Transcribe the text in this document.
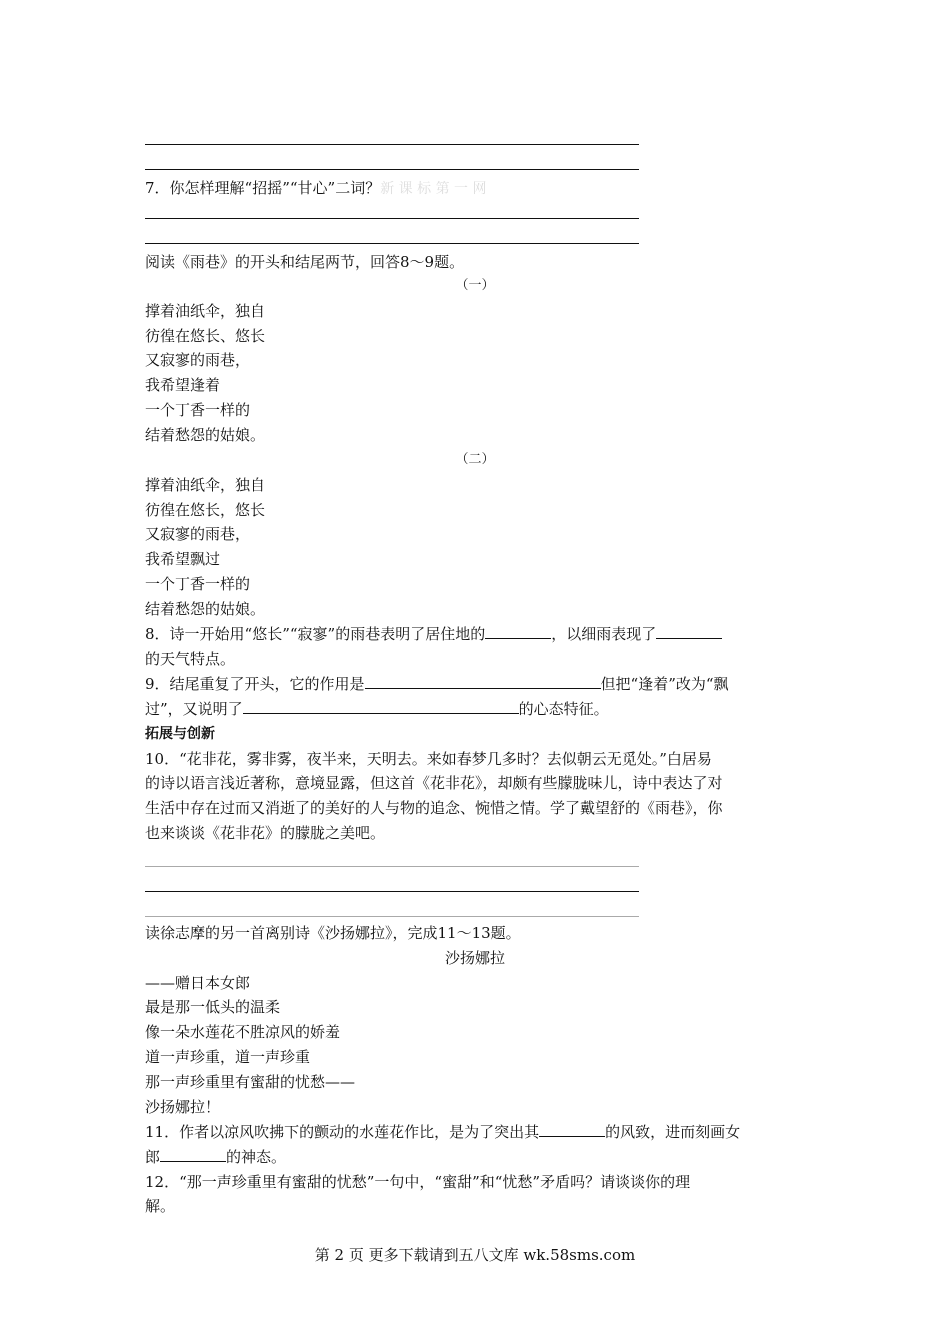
7．你怎样理解“招摇”“甘心”二词？新 课 标 第 一 网
阅读《雨巷》的开头和结尾两节，回答8～9题。
（一）
撑着油纸伞，独自
彷徨在悠长、悠长
又寂寥的雨巷，
我希望逢着
一个丁香一样的
结着愁怨的姑娘。
（二）
撑着油纸伞，独自
彷徨在悠长，悠长
又寂寥的雨巷，
我希望飘过
一个丁香一样的
结着愁怨的姑娘。
8．诗一开始用“悠长”“寂寥”的雨巷表明了居住地的	，以细雨表现了
的天气特点。
9．结尾重复了开头，它的作用是	但把“逢着”改为“飘
过”，又说明了	的心态特征。
拓展与创新
10．“花非花，雾非雾，夜半来，天明去。来如春梦几多时？去似朝云无觅处。”白居易
的诗以语言浅近著称，意境显露，但这首《花非花》，却颇有些朦胧味儿，诗中表达了对
生活中存在过而又消逝了的美好的人与物的追念、惋惜之情。学了戴望舒的《雨巷》，你
也来谈谈《花非花》的朦胧之美吧。
读徐志摩的另一首离别诗《沙扬娜拉》，完成11～13题。
沙扬娜拉
——赠日本女郎
最是那一低头的温柔
像一朵水莲花不胜凉风的娇羞
道一声珍重，道一声珍重
那一声珍重里有蜜甜的忧愁——
沙扬娜拉！
11．作者以凉风吹拂下的颤动的水莲花作比，是为了突出其	的风致，进而刻画女
郎	的神态。
12．“那一声珍重里有蜜甜的忧愁”一句中，“蜜甜”和“忧愁”矛盾吗？请谈谈你的理
解。
第 2 页 更多下载请到五八文库 wk.58sms.com
